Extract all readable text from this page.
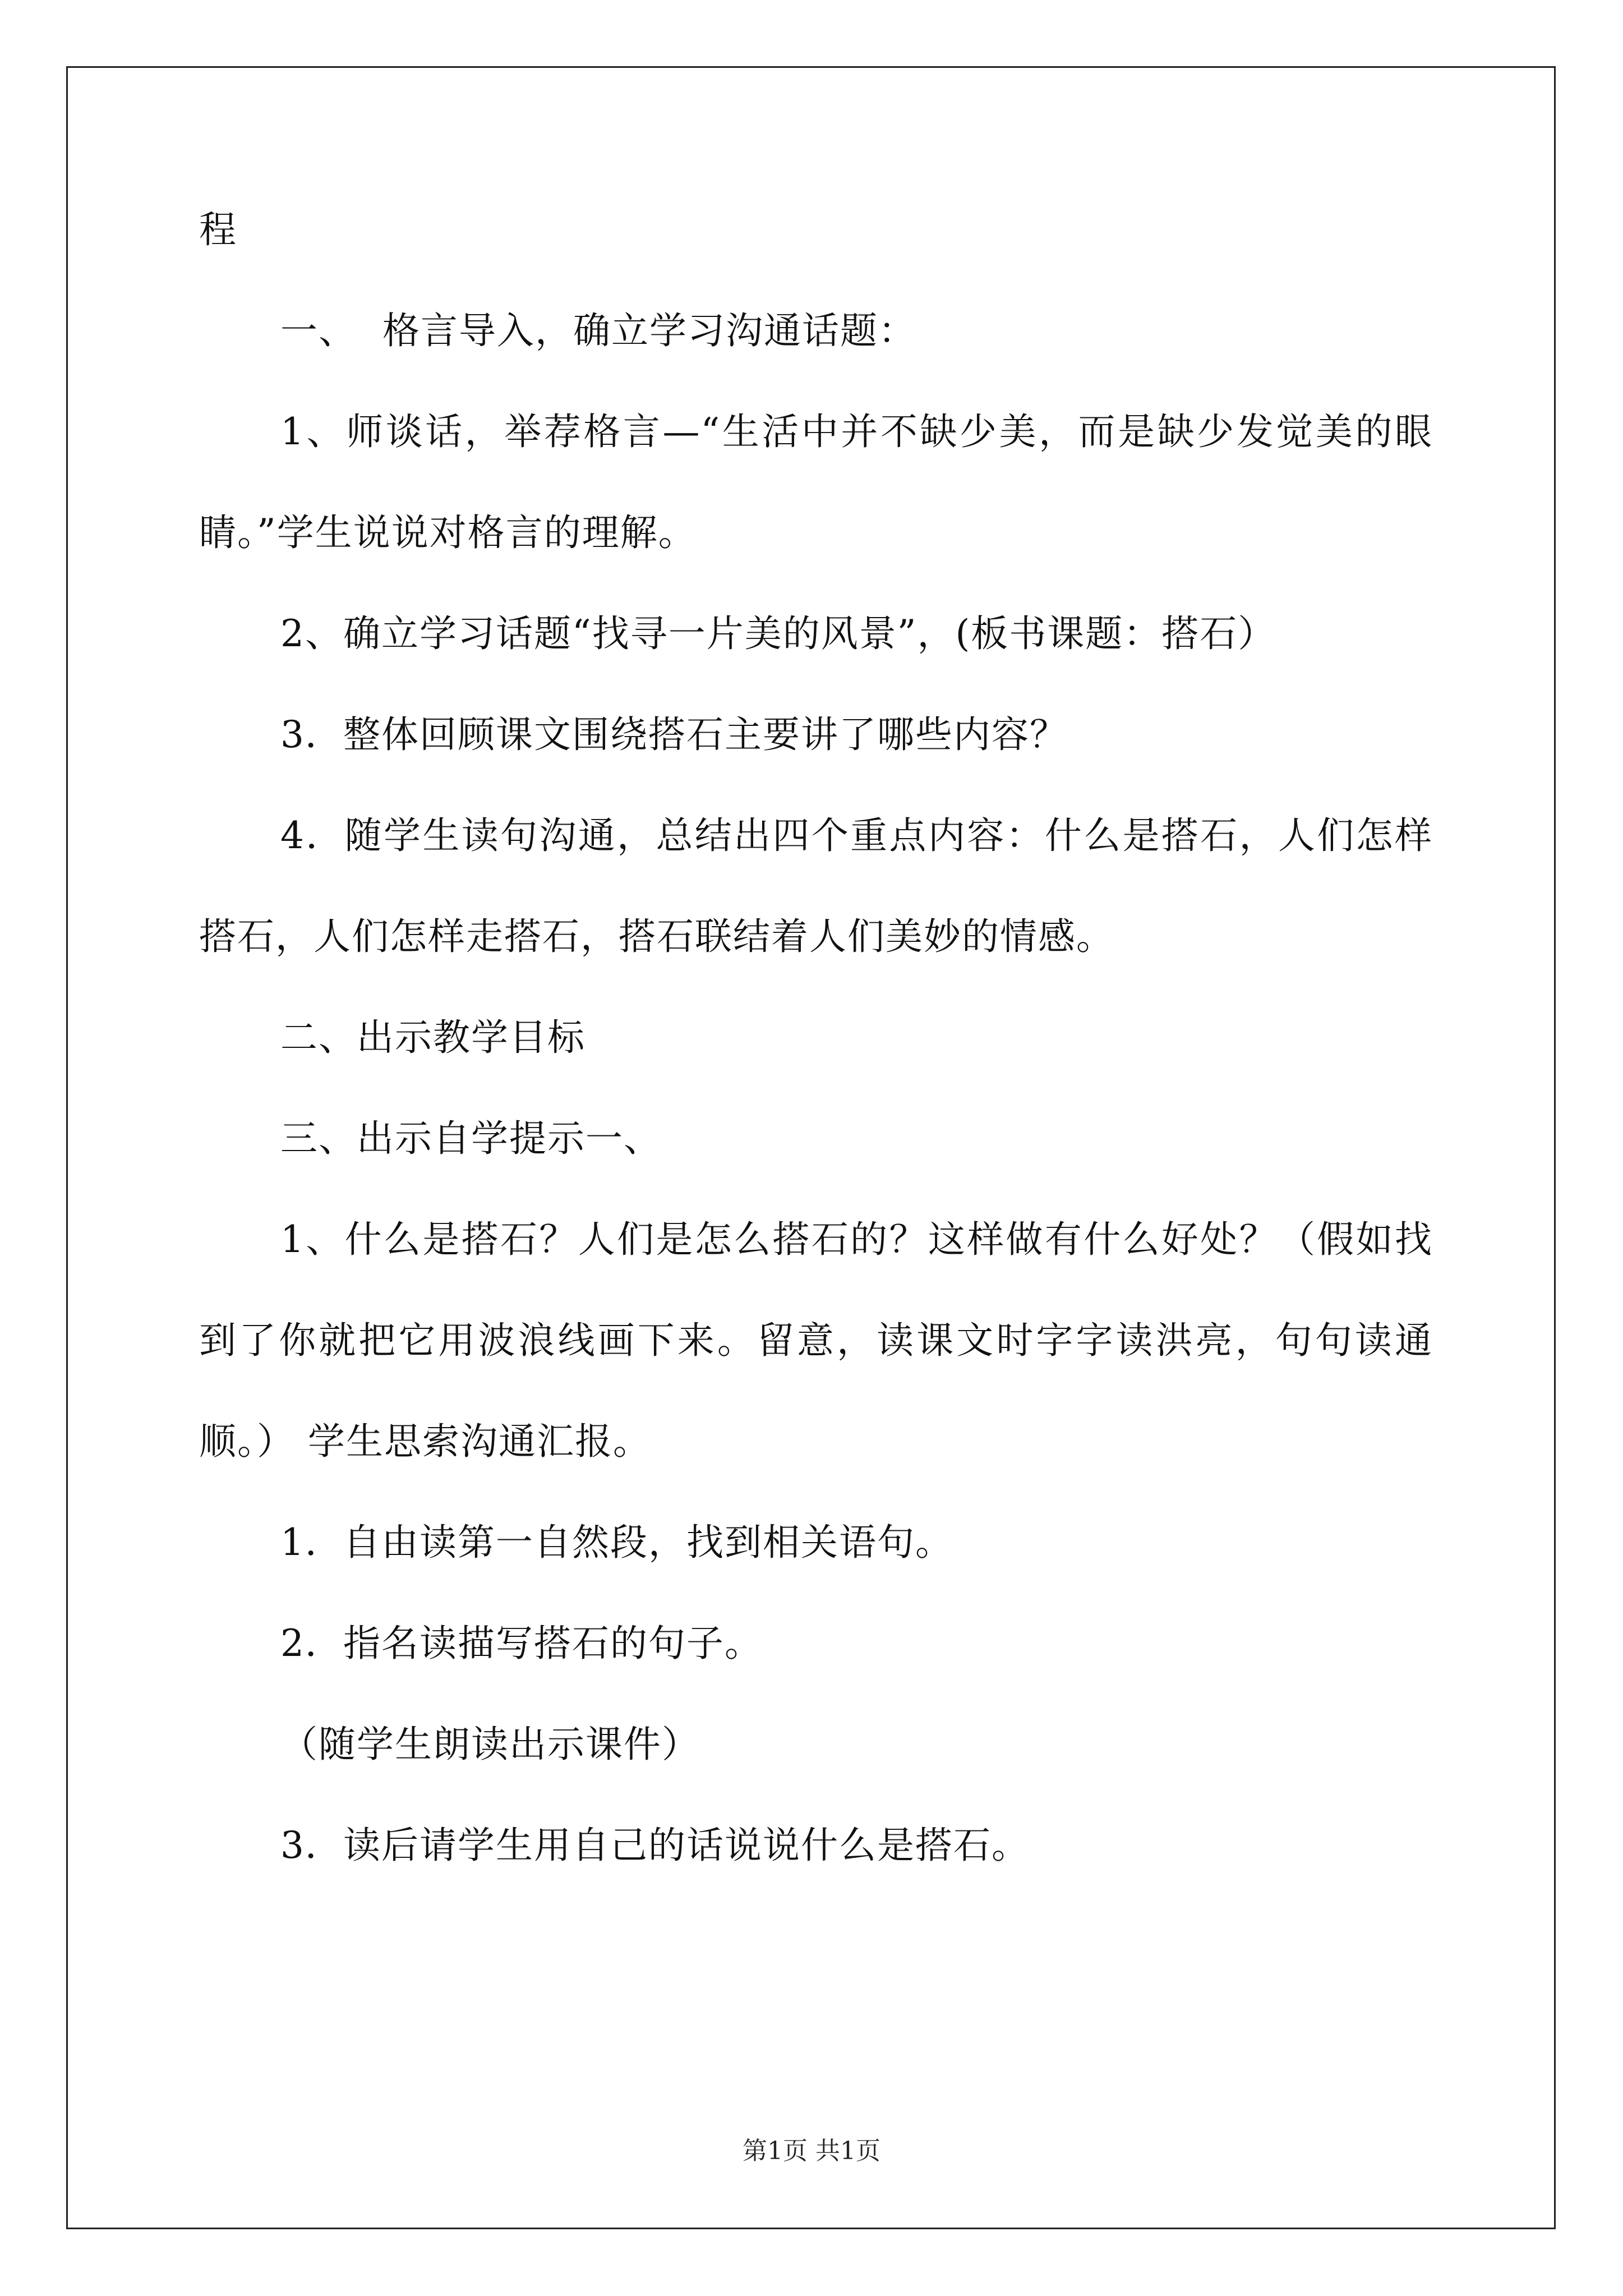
程

一、  格言导入，确立学习沟通话题：

1、师谈话，举荐格言—“生活中并不缺少美，而是缺少发觉美的眼睛。”学生说说对格言的理解。

2、确立学习话题“找寻一片美的风景”，(板书课题：搭石）

3．整体回顾课文围绕搭石主要讲了哪些内容？

4．随学生读句沟通，总结出四个重点内容：什么是搭石，人们怎样搭石，人们怎样走搭石，搭石联结着人们美妙的情感。

二、出示教学目标

三、出示自学提示一、

1、什么是搭石？人们是怎么搭石的？这样做有什么好处？（假如找到了你就把它用波浪线画下来。留意，读课文时字字读洪亮，句句读通顺。） 学生思索沟通汇报。

1．自由读第一自然段，找到相关语句。

2．指名读描写搭石的句子。

（随学生朗读出示课件）

3．读后请学生用自己的话说说什么是搭石。

第1页 共1页
